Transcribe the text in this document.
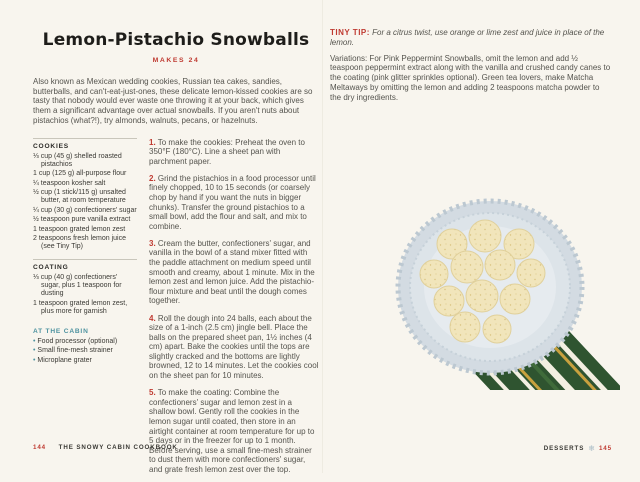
Lemon-Pistachio Snowballs
MAKES 24

Also known as Mexican wedding cookies, Russian tea cakes, sandies, butterballs, and can't-eat-just-ones, these delicate lemon-kissed cookies are so tasty that nobody would ever waste one throwing it at your back, which gives them a significant advantage over actual snowballs. If you aren't nuts about pistachios (what?!), try almonds, walnuts, pecans, or hazelnuts.

COOKIES

⅓ cup (45 g) shelled roasted pistachios

1 cup (125 g) all-purpose flour

¼ teaspoon kosher salt

½ cup (1 stick/115 g) unsalted butter, at room temperature

¼ cup (30 g) confectioners' sugar

½ teaspoon pure vanilla extract

1 teaspoon grated lemon zest

2 teaspoons fresh lemon juice (see Tiny Tip)

COATING

⅓ cup (40 g) confectioners' sugar, plus 1 teaspoon for dusting

1 teaspoon grated lemon zest, plus more for garnish

AT THE CABIN

• Food processor (optional)

• Small fine-mesh strainer

• Microplane grater

1. To make the cookies: Preheat the oven to 350°F (180°C). Line a sheet pan with parchment paper.

2. Grind the pistachios in a food processor until finely chopped, 10 to 15 seconds (or coarsely chop by hand if you want the nuts in bigger chunks). Transfer the ground pistachios to a small bowl, add the flour and salt, and mix to combine.

3. Cream the butter, confectioners' sugar, and vanilla in the bowl of a stand mixer fitted with the paddle attachment on medium speed until smooth and creamy, about 1 minute. Mix in the lemon zest and lemon juice. Add the pistachio-flour mixture and beat until the dough comes together.

4. Roll the dough into 24 balls, each about the size of a 1-inch (2.5 cm) jingle bell. Place the balls on the prepared sheet pan, 1½ inches (4 cm) apart. Bake the cookies until the tops are slightly cracked and the bottoms are lightly browned, 12 to 14 minutes. Let the cookies cool on the sheet pan for 10 minutes.

5. To make the coating: Combine the confectioners' sugar and lemon zest in a shallow bowl. Gently roll the cookies in the lemon sugar until coated, then store in an airtight container at room temperature for up to 5 days or in the freezer for up to 1 month. Before serving, use a small fine-mesh strainer to dust them with more confectioners' sugar, and grate fresh lemon zest over the top.

TINY TIP: For a citrus twist, use orange or lime zest and juice in place of the lemon.

Variations: For Pink Peppermint Snowballs, omit the lemon and add ½ teaspoon peppermint extract along with the vanilla and crushed candy canes to the coating (pink glitter sprinkles optional). Green tea lovers, make Matcha Meltaways by omitting the lemon and adding 2 teaspoons matcha powder to the dry ingredients.

144 THE SNOWY CABIN COOKBOOK	DESSERTS ❄ 145
